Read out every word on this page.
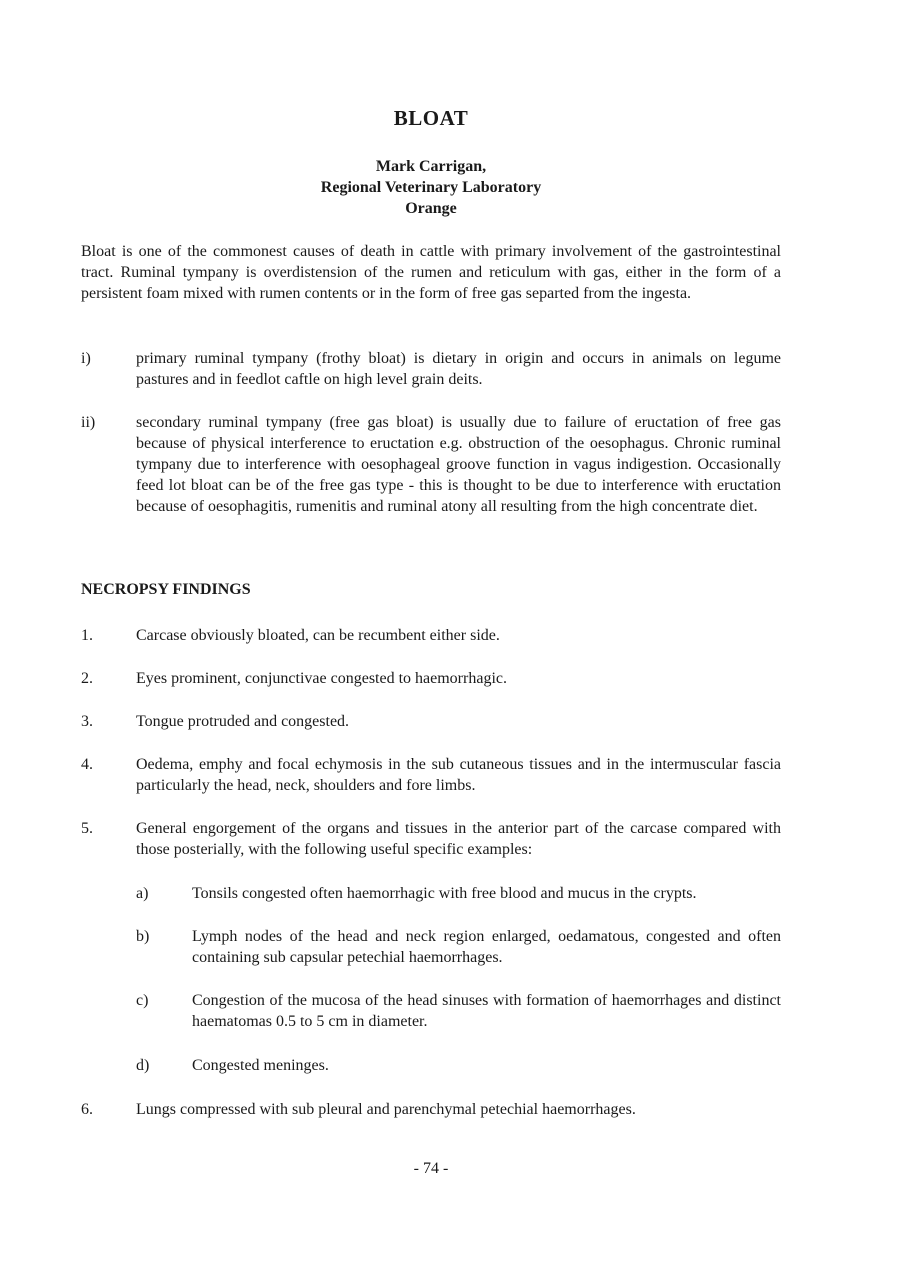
BLOAT
Mark Carrigan,
Regional Veterinary Laboratory
Orange

Bloat is one of the commonest causes of death in cattle with primary involvement of the gastrointestinal tract. Ruminal tympany is overdistension of the rumen and reticulum with gas, either in the form of a persistent foam mixed with rumen contents or in the form of free gas separted from the ingesta.

i)	primary ruminal tympany (frothy bloat) is dietary in origin and occurs in animals on legume pastures and in feedlot caftle on high level grain deits.
ii)	secondary ruminal tympany (free gas bloat) is usually due to failure of eructation of free gas because of physical interference to eructation e.g. obstruction of the oesophagus. Chronic ruminal tympany due to interference with oesophageal groove function in vagus indigestion. Occasionally feed lot bloat can be of the free gas type - this is thought to be due to interference with eructation because of oesophagitis, rumenitis and ruminal atony all resulting from the high concentrate diet.
NECROPSY FINDINGS
1.	Carcase obviously bloated, can be recumbent either side.
2.	Eyes prominent, conjunctivae congested to haemorrhagic.
3.	Tongue protruded and congested.
4.	Oedema, emphy and focal echymosis in the sub cutaneous tissues and in the intermuscular fascia particularly the head, neck, shoulders and fore limbs.
5.	General engorgement of the organs and tissues in the anterior part of the carcase compared with those posterially, with the following useful specific examples:
a)	Tonsils congested often haemorrhagic with free blood and mucus in the crypts.
b)	Lymph nodes of the head and neck region enlarged, oedamatous, congested and often containing sub capsular petechial haemorrhages.
c)	Congestion of the mucosa of the head sinuses with formation of haemorrhages and distinct haematomas 0.5 to 5 cm in diameter.
d)	Congested meninges.
6.	Lungs compressed with sub pleural and parenchymal petechial haemorrhages.
- 74 -
